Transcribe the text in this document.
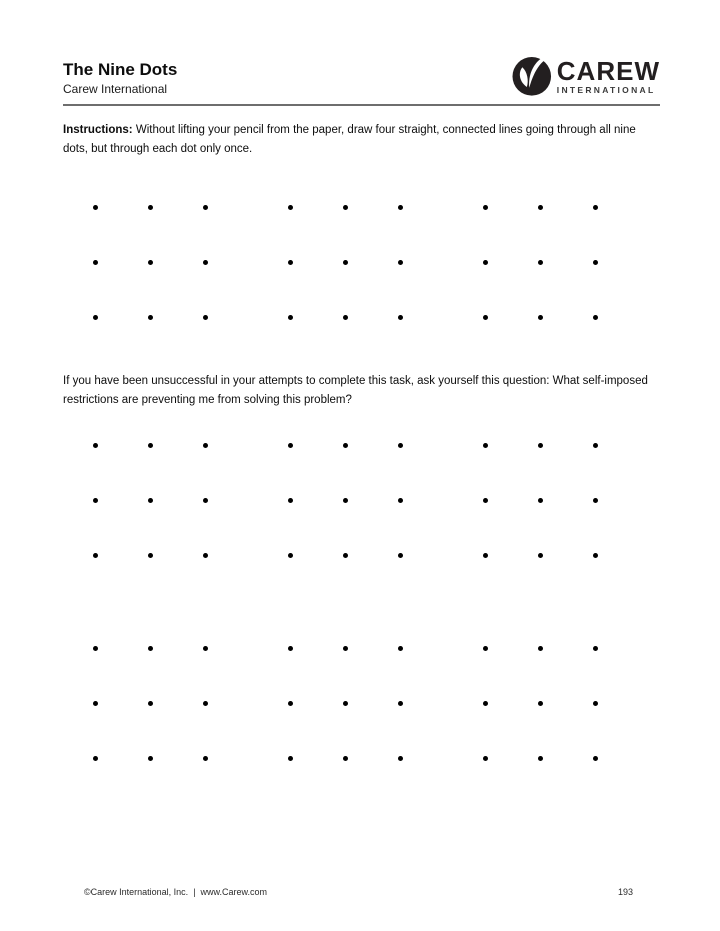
The Nine Dots

Carew International

CAREW
INTERNATIONAL

Instructions: Without lifting your pencil from the paper, draw four straight, connected lines going through all nine dots, but through each dot only once.

If you have been unsuccessful in your attempts to complete this task, ask yourself this question: What self-imposed restrictions are preventing me from solving this problem?

©Carew International, Inc. | www.Carew.com	193
